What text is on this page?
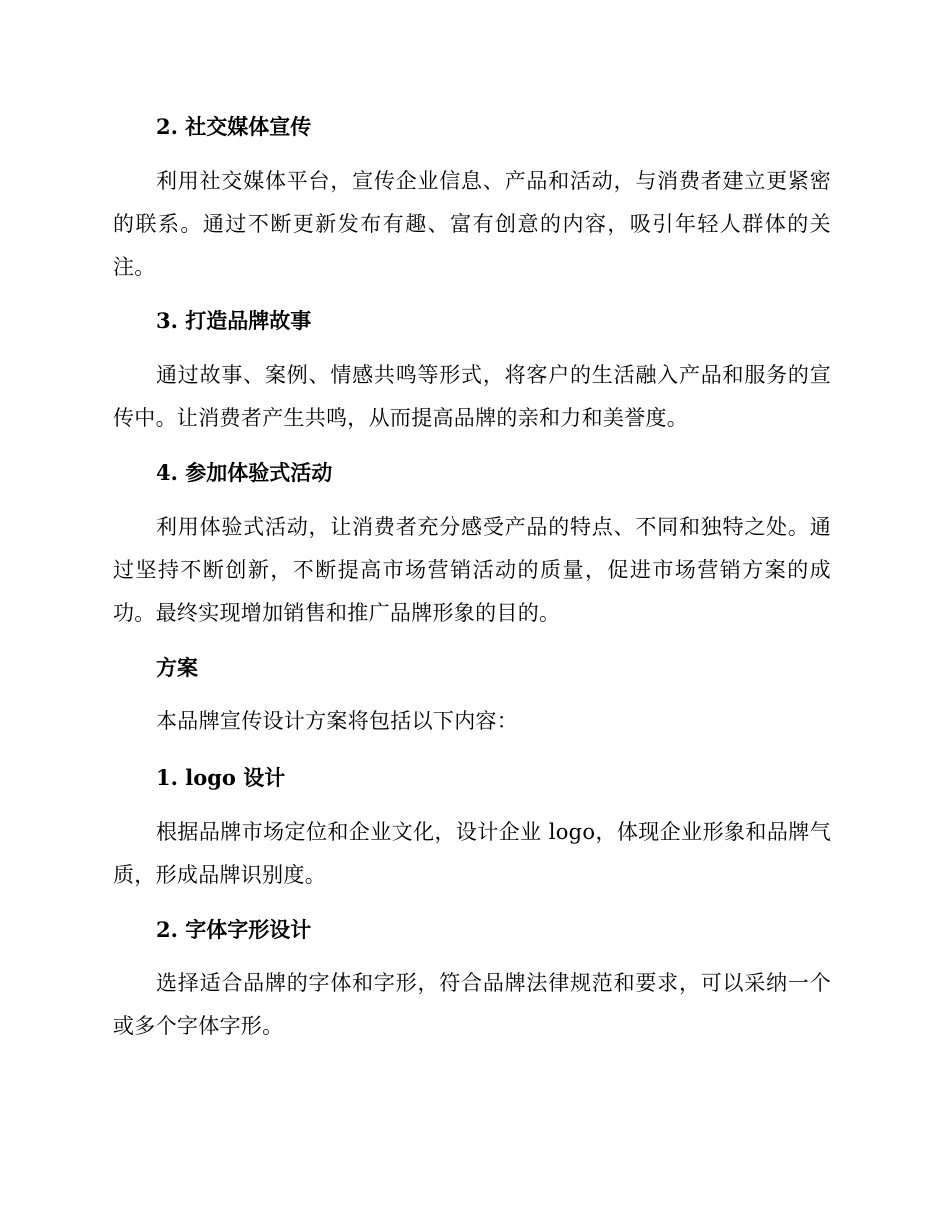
2. 社交媒体宣传

利用社交媒体平台，宣传企业信息、产品和活动，与消费者建立更紧密的联系。通过不断更新发布有趣、富有创意的内容，吸引年轻人群体的关注。

3. 打造品牌故事

通过故事、案例、情感共鸣等形式，将客户的生活融入产品和服务的宣传中。让消费者产生共鸣，从而提高品牌的亲和力和美誉度。

4. 参加体验式活动

利用体验式活动，让消费者充分感受产品的特点、不同和独特之处。通过坚持不断创新，不断提高市场营销活动的质量，促进市场营销方案的成功。最终实现增加销售和推广品牌形象的目的。

方案

本品牌宣传设计方案将包括以下内容：

1. logo 设计

根据品牌市场定位和企业文化，设计企业 logo，体现企业形象和品牌气质，形成品牌识别度。

2. 字体字形设计

选择适合品牌的字体和字形，符合品牌法律规范和要求，可以采纳一个或多个字体字形。
